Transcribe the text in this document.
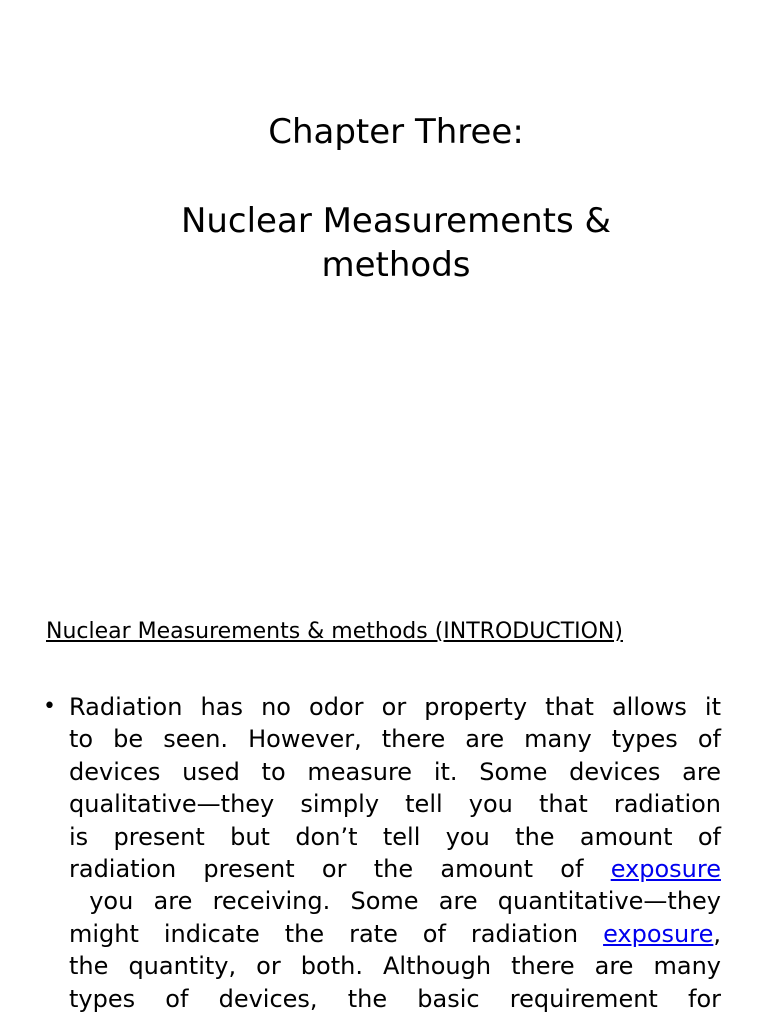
Chapter Three:
Nuclear Measurements &
methods
Nuclear Measurements & methods (INTRODUCTION)
• Radiation has no odor or property that allows it
to be seen. However, there are many types of
devices used to measure it. Some devices are
qualitative—they simply tell you that radiation
is present but don’t tell you the amount of
radiation present or the amount of exposure
you are receiving. Some are quantitative—they
might indicate the rate of radiation exposure,
the quantity, or both. Although there are many
types of devices, the basic requirement for
